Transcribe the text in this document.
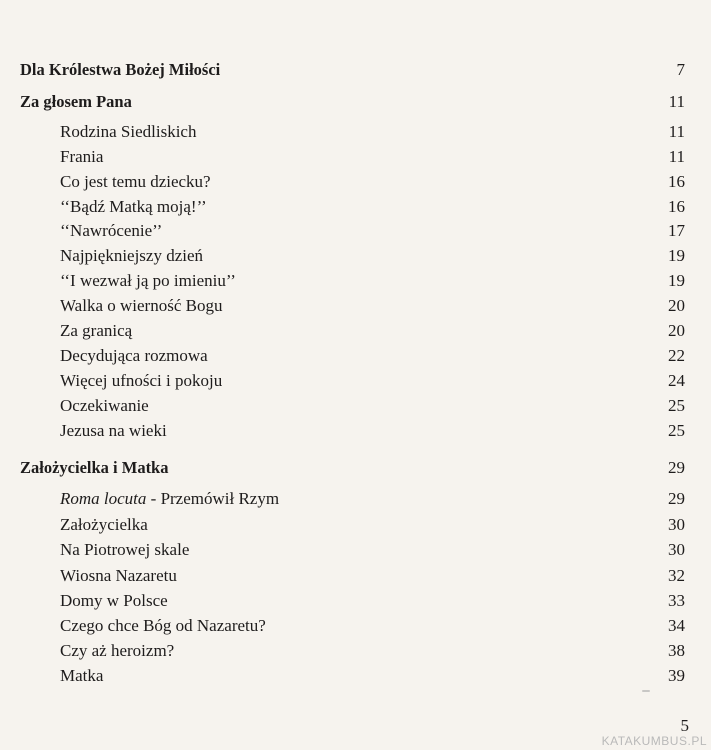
Dla Królestwa Bożej Miłości	7
Za głosem Pana	11
Rodzina Siedliskich	11
Frania	11
Co jest temu dziecku?	16
‘‘Bądź Matką moją!’’	16
‘‘Nawrócenie’’	17
Najpiękniejszy dzień	19
‘‘I wezwał ją po imieniu’’	19
Walka o wierność Bogu	20
Za granicą	20
Decydująca rozmowa	22
Więcej ufności i pokoju	24
Oczekiwanie	25
Jezusa na wieki	25
Założycielka i Matka	29
Roma locuta - Przemówił Rzym	29
Założycielka	30
Na Piotrowej skale	30
Wiosna Nazaretu	32
Domy w Polsce	33
Czego chce Bóg od Nazaretu?	34
Czy aż heroizm?	38
Matka	39
5
KATAKUMBUS.PL
